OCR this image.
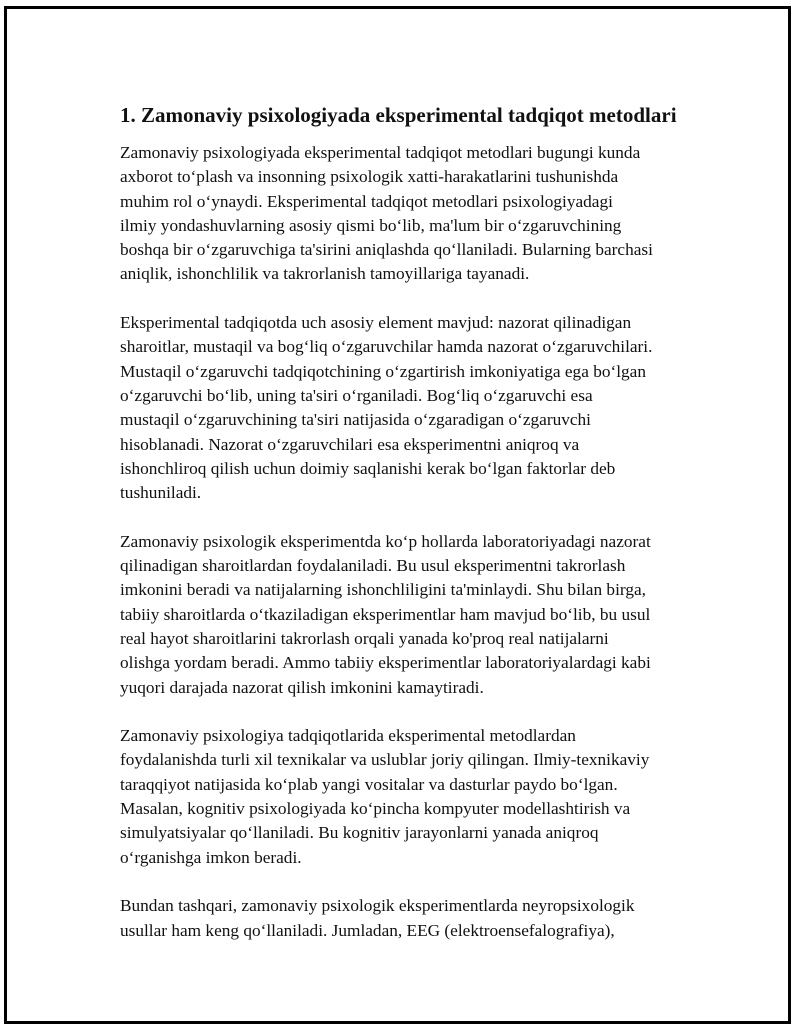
1. Zamonaviy psixologiyada eksperimental tadqiqot metodlari

Zamonaviy psixologiyada eksperimental tadqiqot metodlari bugungi kunda
axborot to‘plash va insonning psixologik xatti-harakatlarini tushunishda
muhim rol o‘ynaydi. Eksperimental tadqiqot metodlari psixologiyadagi
ilmiy yondashuvlarning asosiy qismi bo‘lib, ma'lum bir o‘zgaruvchining
boshqa bir o‘zgaruvchiga ta'sirini aniqlashda qo‘llaniladi. Bularning barchasi
aniqlik, ishonchlilik va takrorlanish tamoyillariga tayanadi.

Eksperimental tadqiqotda uch asosiy element mavjud: nazorat qilinadigan
sharoitlar, mustaqil va bog‘liq o‘zgaruvchilar hamda nazorat o‘zgaruvchilari.
Mustaqil o‘zgaruvchi tadqiqotchining o‘zgartirish imkoniyatiga ega bo‘lgan
o‘zgaruvchi bo‘lib, uning ta'siri o‘rganiladi. Bog‘liq o‘zgaruvchi esa
mustaqil o‘zgaruvchining ta'siri natijasida o‘zgaradigan o‘zgaruvchi
hisoblanadi. Nazorat o‘zgaruvchilari esa eksperimentni aniqroq va
ishonchliroq qilish uchun doimiy saqlanishi kerak bo‘lgan faktorlar deb
tushuniladi.

Zamonaviy psixologik eksperimentda ko‘p hollarda laboratoriyadagi nazorat
qilinadigan sharoitlardan foydalaniladi. Bu usul eksperimentni takrorlash
imkonini beradi va natijalarning ishonchliligini ta'minlaydi. Shu bilan birga,
tabiiy sharoitlarda o‘tkaziladigan eksperimentlar ham mavjud bo‘lib, bu usul
real hayot sharoitlarini takrorlash orqali yanada ko'proq real natijalarni
olishga yordam beradi. Ammo tabiiy eksperimentlar laboratoriyalardagi kabi
yuqori darajada nazorat qilish imkonini kamaytiradi.

Zamonaviy psixologiya tadqiqotlarida eksperimental metodlardan
foydalanishda turli xil texnikalar va uslublar joriy qilingan. Ilmiy-texnikaviy
taraqqiyot natijasida ko‘plab yangi vositalar va dasturlar paydo bo‘lgan.
Masalan, kognitiv psixologiyada ko‘pincha kompyuter modellashtirish va
simulyatsiyalar qo‘llaniladi. Bu kognitiv jarayonlarni yanada aniqroq
o‘rganishga imkon beradi.

Bundan tashqari, zamonaviy psixologik eksperimentlarda neyropsixologik
usullar ham keng qo‘llaniladi. Jumladan, EEG (elektroensefalografiya),
